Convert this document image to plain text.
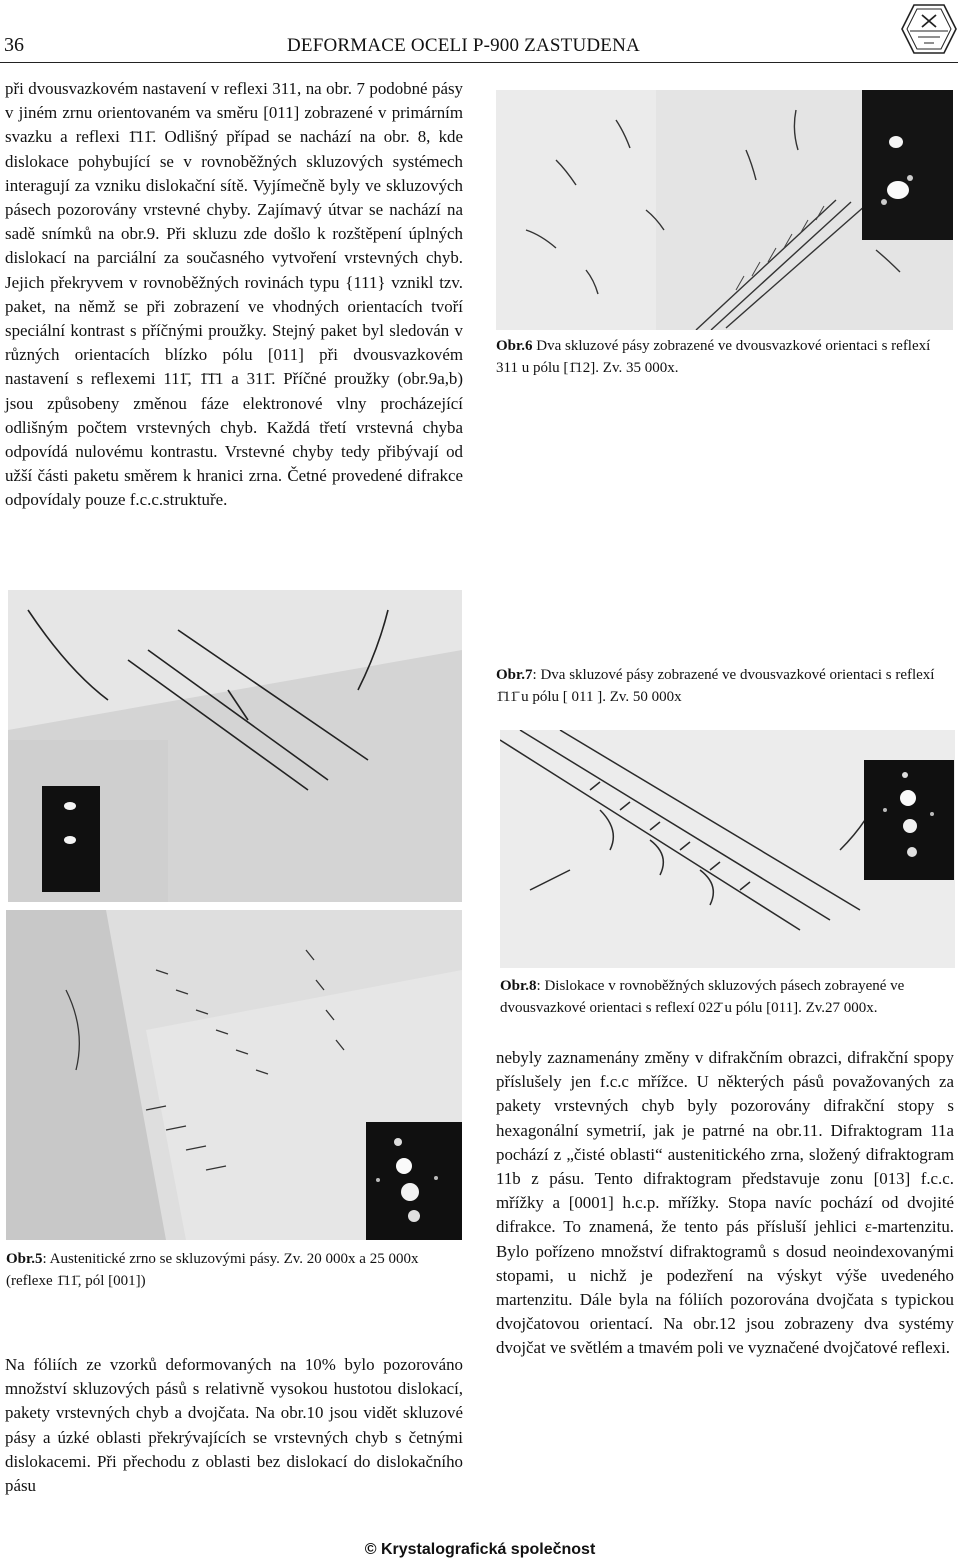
36	DEFORMACE OCELI P-900 ZASTUDENA

při dvousvazkovém nastavení v reflexi 311, na obr. 7 podobné pásy v jiném zrnu orientovaném va směru [011] zobrazené v primárním svazku a reflexi 1̄11̄. Odlišný případ se nachází na obr. 8, kde dislokace pohybující se v rovnoběžných skluzových systémech interagují za vzniku dislokační sítě. Vyjímečně byly ve skluzových pásech pozorovány vrstevné chyby. Zajímavý útvar se nachází na sadě snímků na obr.9. Při skluzu zde došlo k rozštěpení úplných dislokací na parciální za současného vytvoření vrstevných chyb. Jejich překryvem v rovnoběžných rovinách typu {111} vznikl tzv. paket, na němž se při zobrazení ve vhodných orientacích tvoří speciální kontrast s příčnými proužky. Stejný paket byl sledován v různých orientacích blízko pólu [011] při dvousvazkovém nastavení s reflexemi 111̄, 1̄1̄1 a 311̄. Příčné proužky (obr.9a,b) jsou způsobeny změnou fáze elektronové vlny procházející odlišným počtem vrstevných chyb. Každá třetí vrstevná chyba odpovídá nulovému kontrastu. Vrstevné chyby tedy přibývají od užší části paketu směrem k hranici zrna. Četné provedené difrakce odpovídaly pouze f.c.c.struktuře.

Obr.6 Dva skluzové pásy zobrazené ve dvousvazkové orientaci s reflexí 311 u pólu [1̄12]. Zv. 35 000x.
Obr.7: Dva skluzové pásy zobrazené ve dvousvazkové orientaci s reflexí 1̄11̄ u pólu [ 011 ]. Zv. 50 000x
Obr.8: Dislokace v rovnoběžných skluzových pásech zobrayené ve dvousvazkové orientaci s reflexí 022̄ u pólu [011]. Zv.27 000x.
Obr.5: Austenitické zrno se skluzovými pásy. Zv. 20 000x a 25 000x (reflexe 1̄11̄, pól [001])

Na fóliích ze vzorků deformovaných na 10% bylo pozorováno množství skluzových pásů s relativně vysokou hustotou dislokací, pakety vrstevných chyb a dvojčata. Na obr.10 jsou vidět skluzové pásy a úzké oblasti překrývajících se vrstevných chyb s četnými dislokacemi. Při přechodu z oblasti bez dislokací do dislokačního pásu

nebyly zaznamenány změny v difrakčním obrazci, difrakční spopy příslušely jen f.c.c mřížce. U některých pásů považovaných za pakety vrstevných chyb byly pozorovány difrakční stopy s hexagonální symetrií, jak je patrné na obr.11. Difraktogram 11a pochází z „čisté oblasti“ austenitického zrna, složený difraktogram 11b z pásu. Tento difraktogram představuje zonu [013] f.c.c. mřížky a [0001] h.c.p. mřížky. Stopa navíc pochází od dvojité difrakce. To znamená, že tento pás přísluší jehlici ε-martenzitu. Bylo pořízeno množství difraktogramů s dosud neoindexovanými stopami, u nichž je podezření na výskyt výše uvedeného martenzitu. Dále byla na fóliích pozorována dvojčata s typickou dvojčatovou orientací. Na obr.12 jsou zobrazeny dva systémy dvojčat ve světlém a tmavém poli ve vyznačené dvojčatové reflexi.

© Krystalografická společnost
